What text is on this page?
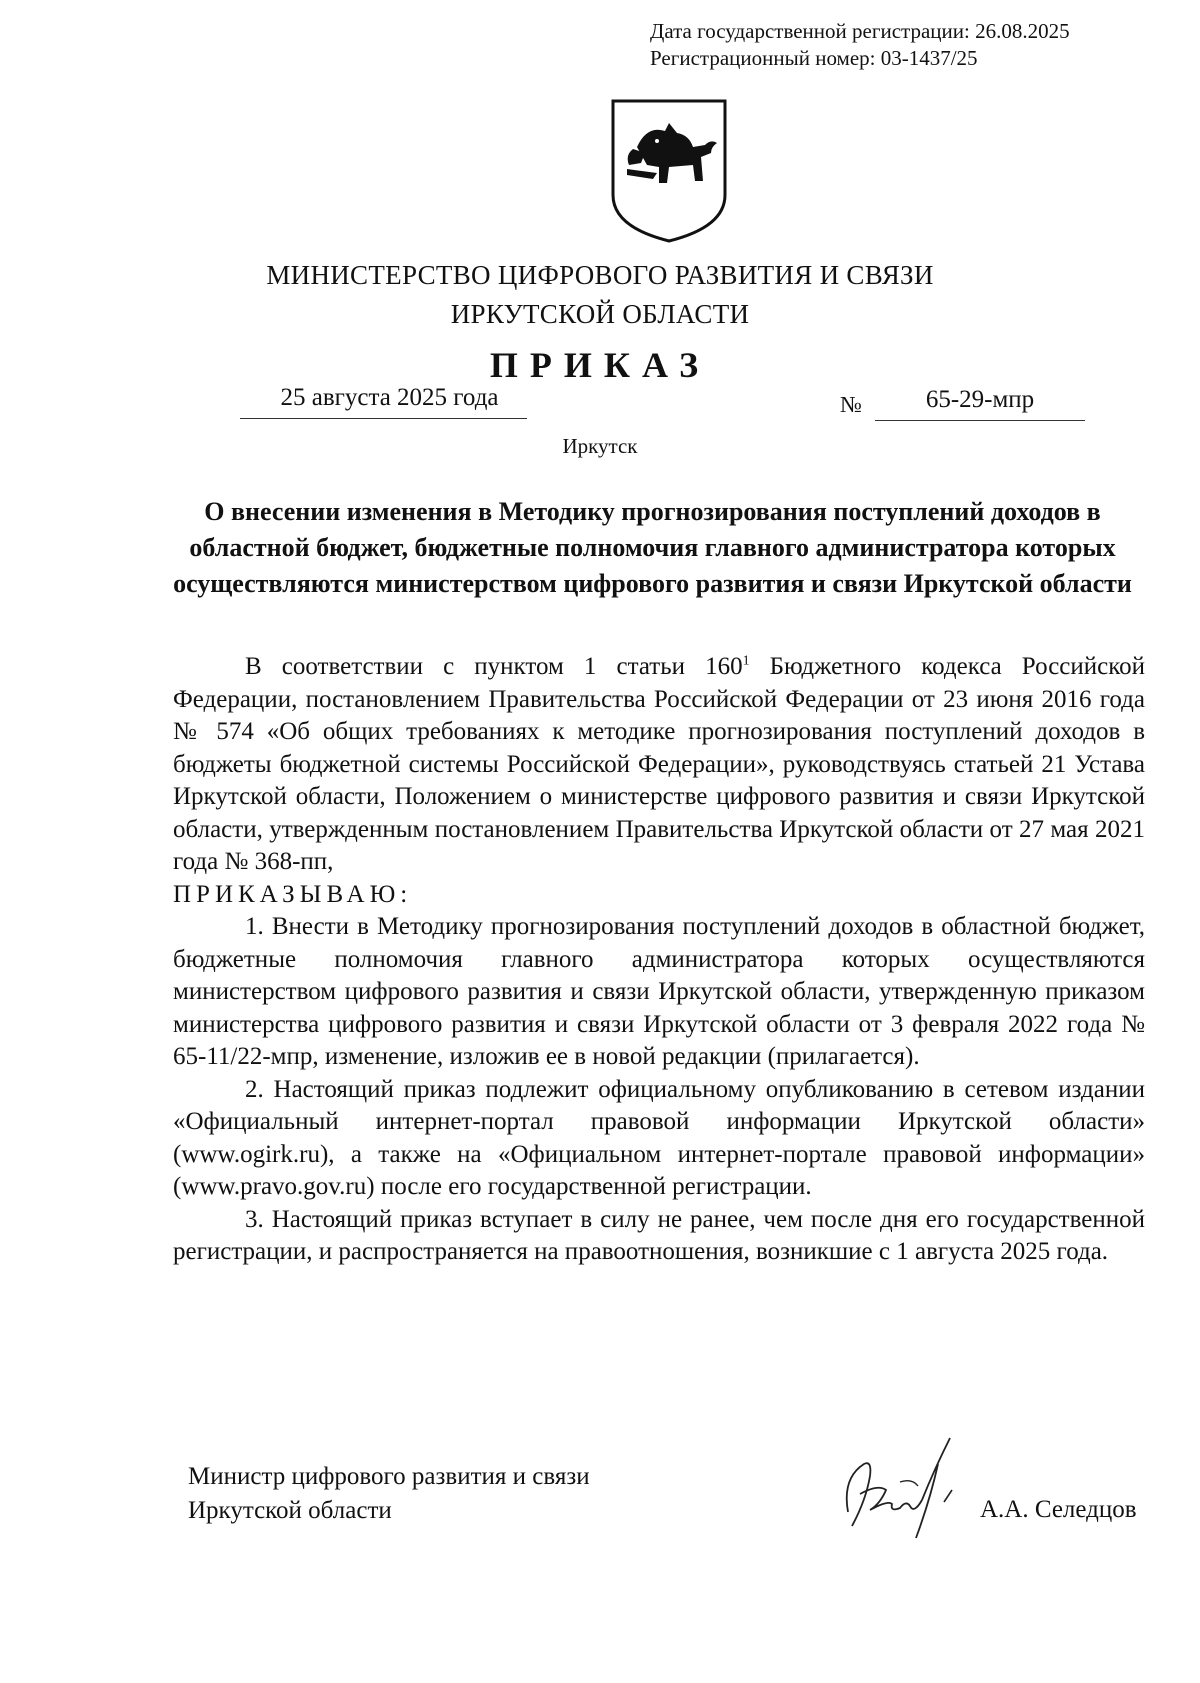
Дата государственной регистрации: 26.08.2025
Регистрационный номер: 03-1437/25
МИНИСТЕРСТВО ЦИФРОВОГО РАЗВИТИЯ И СВЯЗИ
ИРКУТСКОЙ ОБЛАСТИ
ПРИКАЗ
25 августа 2025 года	№	65-29-мпр
Иркутск
О внесении изменения в Методику прогнозирования поступлений доходов в областной бюджет, бюджетные полномочия главного администратора которых осуществляются министерством цифрового развития и связи Иркутской области

В соответствии с пунктом 1 статьи $160^1$ Бюджетного кодекса Российской Федерации, постановлением Правительства Российской Федерации от 23 июня 2016 года № 574 «Об общих требованиях к методике прогнозирования поступлений доходов в бюджеты бюджетной системы Российской Федерации», руководствуясь статьей 21 Устава Иркутской области, Положением о министерстве цифрового развития и связи Иркутской области, утвержденным постановлением Правительства Иркутской области от 27 мая 2021 года № 368-пп,

ПРИКАЗЫВАЮ:

1. Внести в Методику прогнозирования поступлений доходов в областной бюджет, бюджетные полномочия главного администратора которых осуществляются министерством цифрового развития и связи Иркутской области, утвержденную приказом министерства цифрового развития и связи Иркутской области от 3 февраля 2022 года № 65-11/22-мпр, изменение, изложив ее в новой редакции (прилагается).

2. Настоящий приказ подлежит официальному опубликованию в сетевом издании «Официальный интернет-портал правовой информации Иркутской области» (www.ogirk.ru), а также на «Официальном интернет-портале правовой информации» (www.pravo.gov.ru) после его государственной регистрации.

3. Настоящий приказ вступает в силу не ранее, чем после дня его государственной регистрации, и распространяется на правоотношения, возникшие с 1 августа 2025 года.

Министр цифрового развития и связи
Иркутской области	А.А. Селедцов
